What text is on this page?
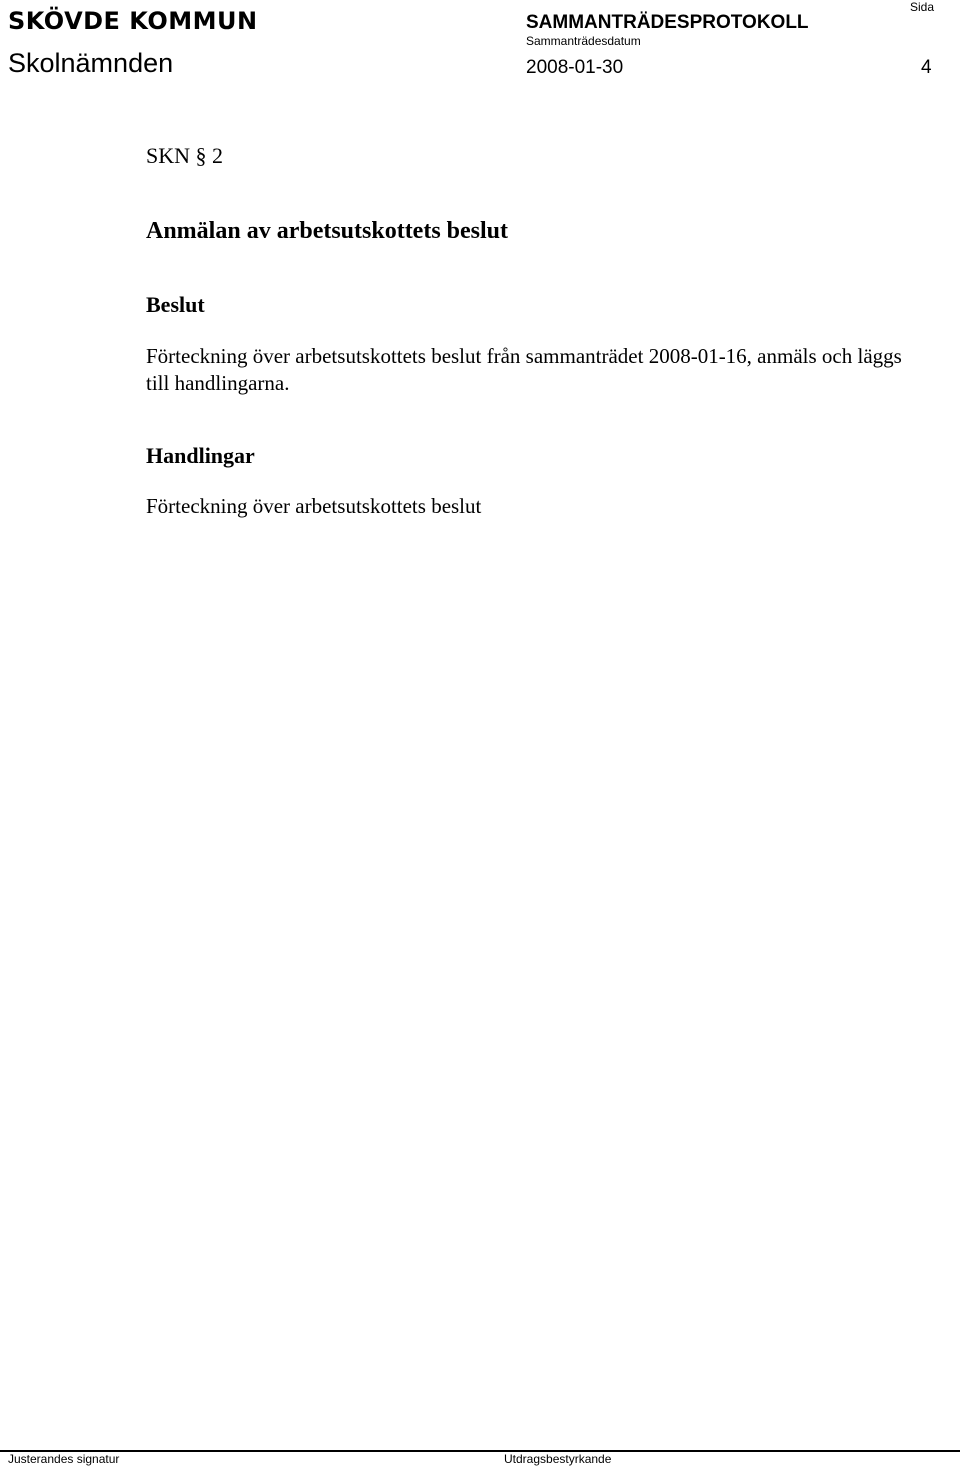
SKÖVDE KOMMUN
Skolnämnden
SAMMANTRÄDESPROTOKOLL
Sammanträdesdatum
2008-01-30
Sida
4
SKN § 2
Anmälan av arbetsutskottets beslut
Beslut
Förteckning över arbetsutskottets beslut från sammanträdet 2008-01-16, anmäls och läggs till handlingarna.
Handlingar
Förteckning över arbetsutskottets beslut
Justerandes signatur	Utdragsbestyrkande
